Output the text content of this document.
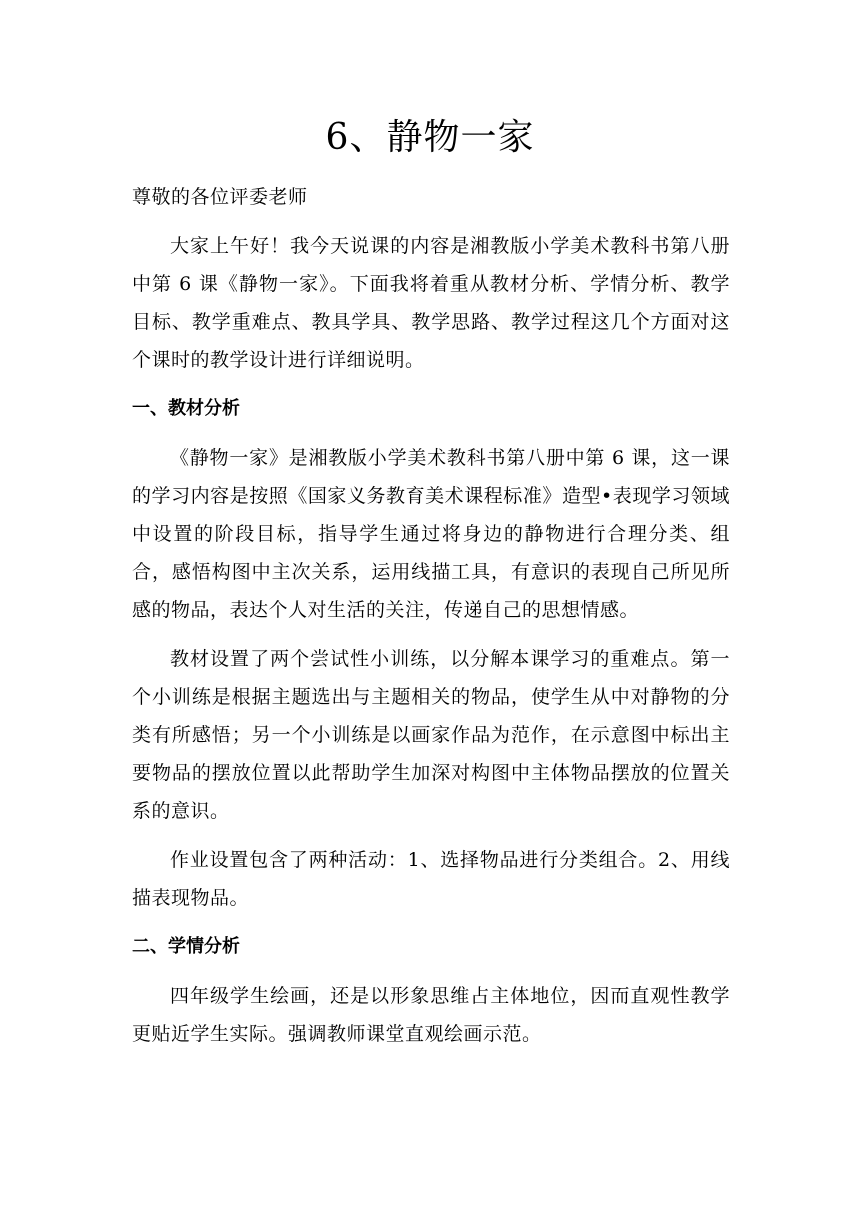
6、静物一家

尊敬的各位评委老师

大家上午好！我今天说课的内容是湘教版小学美术教科书第八册中第 6 课《静物一家》。下面我将着重从教材分析、学情分析、教学目标、教学重难点、教具学具、教学思路、教学过程这几个方面对这个课时的教学设计进行详细说明。

一、教材分析

《静物一家》是湘教版小学美术教科书第八册中第 6 课，这一课的学习内容是按照《国家义务教育美术课程标准》造型•表现学习领域中设置的阶段目标，指导学生通过将身边的静物进行合理分类、组合，感悟构图中主次关系，运用线描工具，有意识的表现自己所见所感的物品，表达个人对生活的关注，传递自己的思想情感。

教材设置了两个尝试性小训练，以分解本课学习的重难点。第一个小训练是根据主题选出与主题相关的物品，使学生从中对静物的分类有所感悟；另一个小训练是以画家作品为范作，在示意图中标出主要物品的摆放位置以此帮助学生加深对构图中主体物品摆放的位置关系的意识。

作业设置包含了两种活动：1、选择物品进行分类组合。2、用线描表现物品。

二、学情分析

四年级学生绘画，还是以形象思维占主体地位，因而直观性教学更贴近学生实际。强调教师课堂直观绘画示范。
